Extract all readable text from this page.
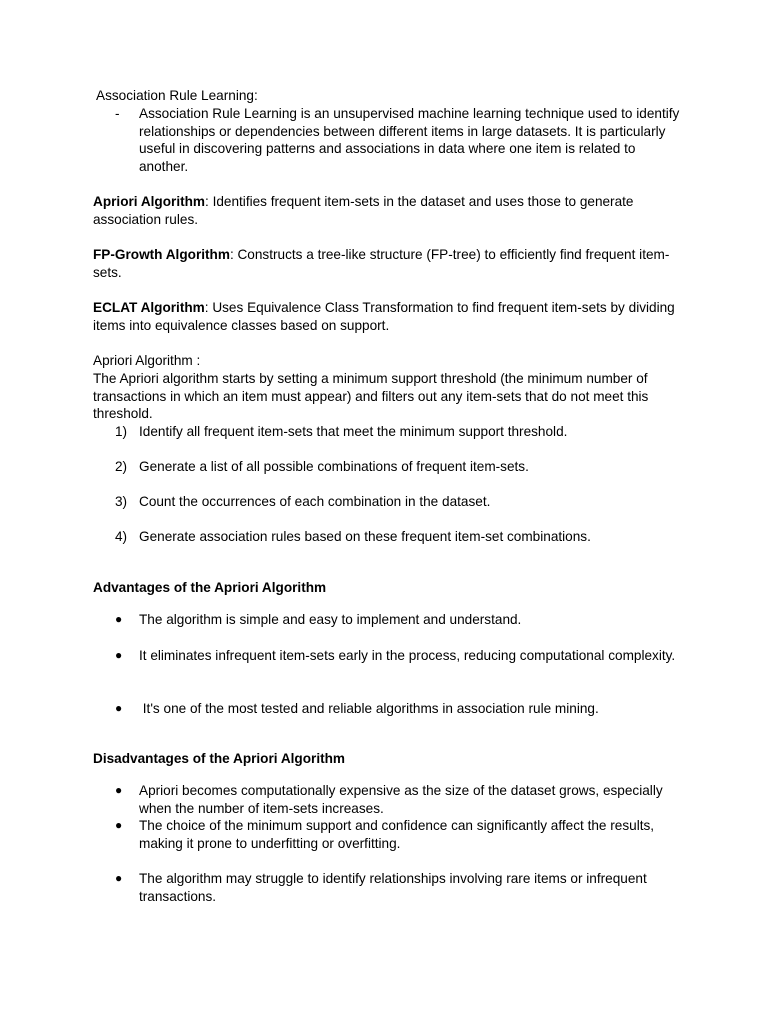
Association Rule Learning:
-	Association Rule Learning is an unsupervised machine learning technique used to identify relationships or dependencies between different items in large datasets. It is particularly useful in discovering patterns and associations in data where one item is related to another.
Apriori Algorithm: Identifies frequent item-sets in the dataset and uses those to generate association rules.
FP-Growth Algorithm: Constructs a tree-like structure (FP-tree) to efficiently find frequent item-sets.
ECLAT Algorithm: Uses Equivalence Class Transformation to find frequent item-sets by dividing items into equivalence classes based on support.
Apriori Algorithm :
The Apriori algorithm starts by setting a minimum support threshold (the minimum number of transactions in which an item must appear) and filters out any item-sets that do not meet this threshold.
1) Identify all frequent item-sets that meet the minimum support threshold.
2) Generate a list of all possible combinations of frequent item-sets.
3) Count the occurrences of each combination in the dataset.
4) Generate association rules based on these frequent item-set combinations.
Advantages of the Apriori Algorithm
●	The algorithm is simple and easy to implement and understand.
●	It eliminates infrequent item-sets early in the process, reducing computational complexity.
●	It's one of the most tested and reliable algorithms in association rule mining.
Disadvantages of the Apriori Algorithm
●	Apriori becomes computationally expensive as the size of the dataset grows, especially when the number of item-sets increases.
●	The choice of the minimum support and confidence can significantly affect the results, making it prone to underfitting or overfitting.
●	The algorithm may struggle to identify relationships involving rare items or infrequent transactions.
